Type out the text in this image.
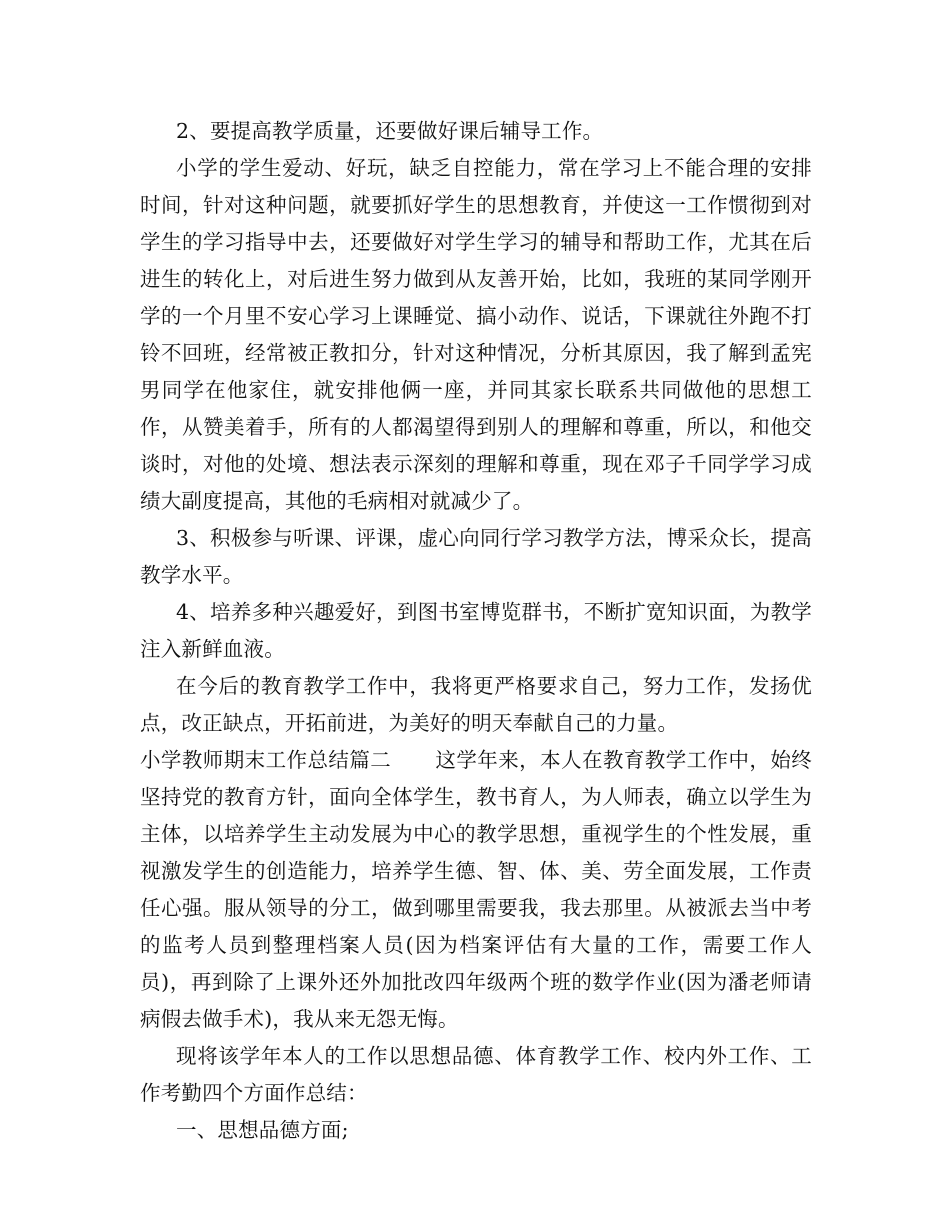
2、要提高教学质量，还要做好课后辅导工作。

小学的学生爱动、好玩，缺乏自控能力，常在学习上不能合理的安排时间，针对这种问题，就要抓好学生的思想教育，并使这一工作惯彻到对学生的学习指导中去，还要做好对学生学习的辅导和帮助工作，尤其在后进生的转化上，对后进生努力做到从友善开始，比如，我班的某同学刚开学的一个月里不安心学习上课睡觉、搞小动作、说话，下课就往外跑不打铃不回班，经常被正教扣分，针对这种情况，分析其原因，我了解到孟宪男同学在他家住，就安排他俩一座，并同其家长联系共同做他的思想工作，从赞美着手，所有的人都渴望得到别人的理解和尊重，所以，和他交谈时，对他的处境、想法表示深刻的理解和尊重，现在邓子千同学学习成绩大副度提高，其他的毛病相对就减少了。

3、积极参与听课、评课，虚心向同行学习教学方法，博采众长，提高教学水平。

4、培养多种兴趣爱好，到图书室博览群书，不断扩宽知识面，为教学注入新鲜血液。

在今后的教育教学工作中，我将更严格要求自己，努力工作，发扬优点，改正缺点，开拓前进，为美好的明天奉献自己的力量。

小学教师期末工作总结篇二 这学年来，本人在教育教学工作中，始终坚持党的教育方针，面向全体学生，教书育人，为人师表，确立以学生为主体，以培养学生主动发展为中心的教学思想，重视学生的个性发展，重视激发学生的创造能力，培养学生德、智、体、美、劳全面发展，工作责任心强。服从领导的分工，做到哪里需要我，我去那里。从被派去当中考的监考人员到整理档案人员(因为档案评估有大量的工作，需要工作人员)，再到除了上课外还外加批改四年级两个班的数学作业(因为潘老师请病假去做手术)，我从来无怨无悔。

现将该学年本人的工作以思想品德、体育教学工作、校内外工作、工作考勤四个方面作总结：

一、思想品德方面;
